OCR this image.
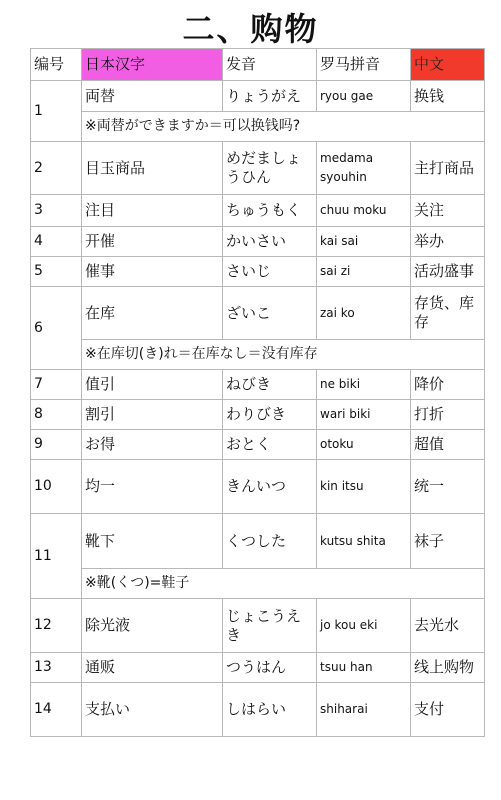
二、购物
编号	日本汉字	发音	罗马拼音	中文
1	両替	りょうがえ	ryou gae	换钱
	※両替ができますか＝可以换钱吗?			
2	目玉商品	めだましょうひん	medama syouhin	主打商品
3	注目	ちゅうもく	chuu moku	关注
4	开催	かいさい	kai sai	举办
5	催事	さいじ	sai zi	活动盛事
6	在库	ざいこ	zai ko	存货、库存
	※在库切(き)れ＝在库なし＝没有库存			
7	值引	ねびき	ne biki	降价
8	割引	わりびき	wari biki	打折
9	お得	おとく	otoku	超值
10	均一	きんいつ	kin itsu	统一
11	靴下	くつした	kutsu shita	袜子
	※靴(くつ)=鞋子			
12	除光液	じょこうえき	jo kou eki	去光水
13	通贩	つうはん	tsuu han	线上购物
14	支払い	しはらい	shiharai	支付
